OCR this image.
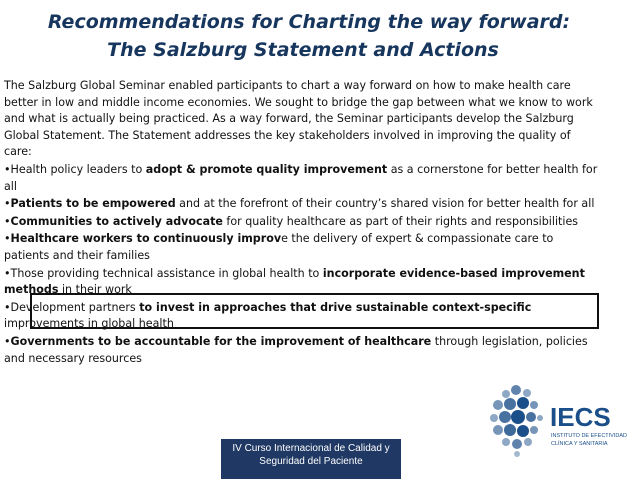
Recommendations for Charting the way forward:
The Salzburg Statement and Actions

The Salzburg Global Seminar enabled participants to chart a way forward on how to make health care better in low and middle income economies. We sought to bridge the gap between what we know to work and what is actually being practiced. As a way forward, the Seminar participants develop the Salzburg Global Statement. The Statement addresses the key stakeholders involved in improving the quality of care:

•Health policy leaders to adopt & promote quality improvement as a cornerstone for better health for all

•Patients to be empowered and at the forefront of their country’s shared vision for better health for all

•Communities to actively advocate for quality healthcare as part of their rights and responsibilities

•Healthcare workers to continuously improve the delivery of expert & compassionate care to patients and their families

•Those providing technical assistance in global health to incorporate evidence-based improvement methods in their work

•Development partners to invest in approaches that drive sustainable context-specific improvements in global health

•Governments to be accountable for the improvement of healthcare through legislation, policies and necessary resources

IECS
INSTITUTO DE EFECTIVIDAD
CLÍNICA Y SANITARIA
IV Curso Internacional de Calidad y
Seguridad del Paciente
